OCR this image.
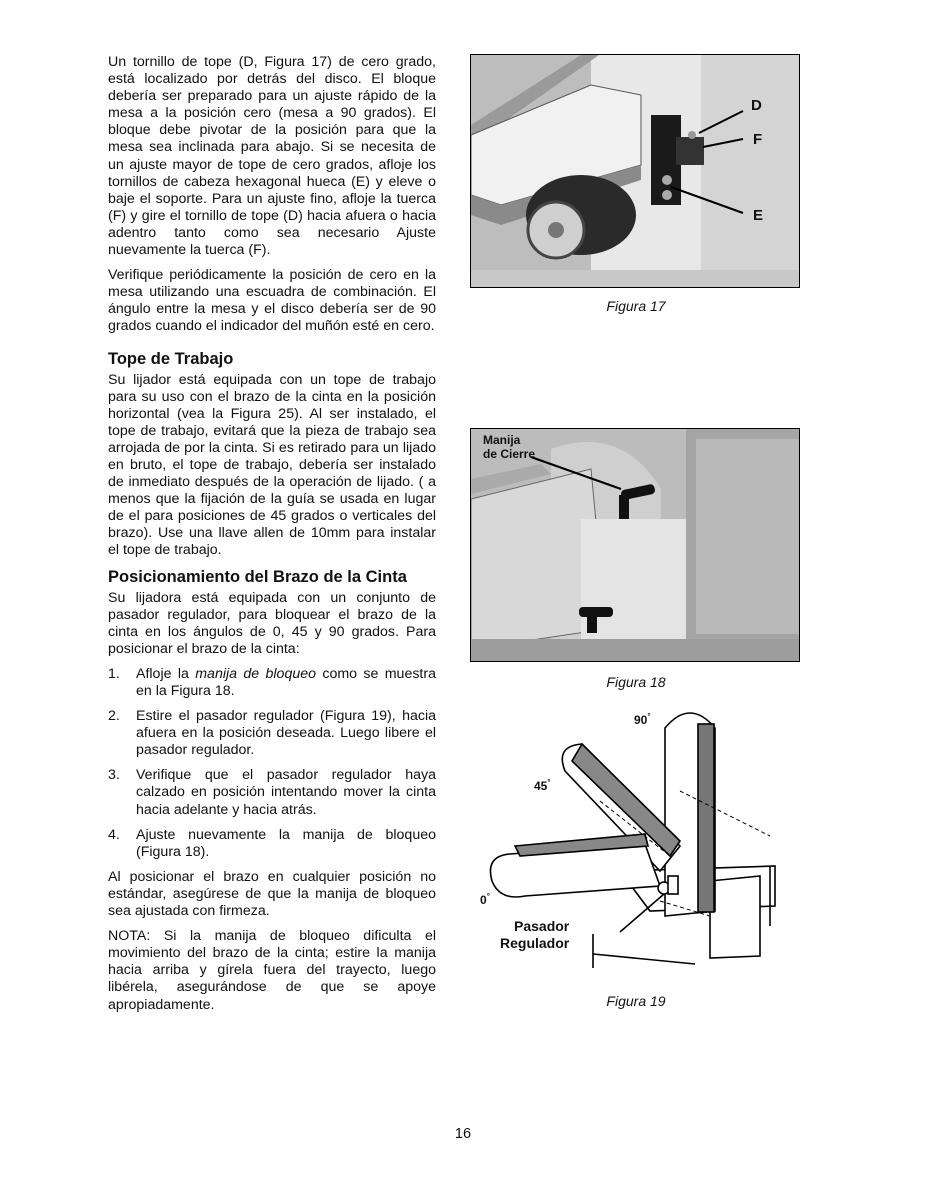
Un tornillo de tope (D, Figura 17) de cero grado, está localizado por detrás del disco. El bloque debería ser preparado para un ajuste rápido de la mesa a la posición cero (mesa a 90 grados). El bloque debe pivotar de la posición para que la mesa sea inclinada para abajo. Si se necesita de un ajuste mayor de tope de cero grados, afloje los tornillos de cabeza hexagonal hueca (E) y eleve o baje el soporte. Para un ajuste fino, afloje la tuerca (F) y gire el tornillo de tope (D) hacia afuera o hacia adentro tanto como sea necesario Ajuste nuevamente la tuerca (F).

Verifique periódicamente la posición de cero en la mesa utilizando una escuadra de combinación. El ángulo entre la mesa y el disco debería ser de 90 grados cuando el indicador del muñón esté en cero.

Tope de Trabajo

Su lijador está equipada con un tope de trabajo para su uso con el brazo de la cinta en la posición horizontal (vea la Figura 25). Al ser instalado, el tope de trabajo, evitará que la pieza de trabajo sea arrojada de por la cinta. Si es retirado para un lijado en bruto, el tope de trabajo, debería ser instalado de inmediato después de la operación de lijado. ( a menos que la fijación de la guía se usada en lugar de el para posiciones de 45 grados o verticales del brazo). Use una llave allen de 10mm para instalar el tope de trabajo.

Posicionamiento del Brazo de la Cinta

Su lijadora está equipada con un conjunto de pasador regulador, para bloquear el brazo de la cinta en los ángulos de 0, 45 y 90 grados. Para posicionar el brazo de la cinta:

1. Afloje la manija de bloqueo como se muestra en la Figura 18.
2. Estire el pasador regulador (Figura 19), hacia afuera en la posición deseada. Luego libere el pasador regulador.
3. Verifique que el pasador regulador haya calzado en posición intentando mover la cinta hacia adelante y hacia atrás.
4. Ajuste nuevamente la manija de bloqueo (Figura 18).

Al posicionar el brazo en cualquier posición no estándar, asegúrese de que la manija de bloqueo sea ajustada con firmeza.

NOTA: Si la manija de bloqueo dificulta el movimiento del brazo de la cinta; estire la manija hacia arriba y gírela fuera del trayecto, luego libérela, asegurándose de que se apoye apropiadamente.

D
F
E
Figura 17
Manija
de Cierre
Figura 18
90°
45°
0°
Pasador
Regulador
Figura 19
16
